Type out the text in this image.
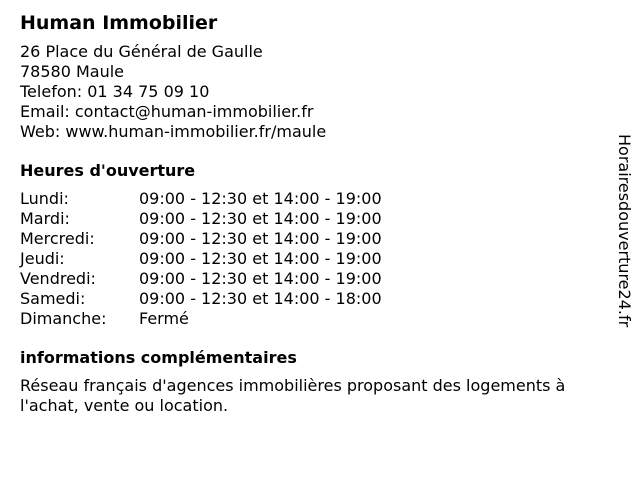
Human Immobilier
26 Place du Général de Gaulle
78580 Maule
Telefon: 01 34 75 09 10
Email: contact@human-immobilier.fr
Web: www.human-immobilier.fr/maule
Heures d'ouverture
Lundi:	09:00 - 12:30 et 14:00 - 19:00
Mardi:	09:00 - 12:30 et 14:00 - 19:00
Mercredi:	09:00 - 12:30 et 14:00 - 19:00
Jeudi:	09:00 - 12:30 et 14:00 - 19:00
Vendredi:	09:00 - 12:30 et 14:00 - 19:00
Samedi:	09:00 - 12:30 et 14:00 - 18:00
Dimanche:	Fermé
informations complémentaires
Réseau français d'agences immobilières proposant des logements à l'achat, vente ou location.
Horairesdouverture24.fr
